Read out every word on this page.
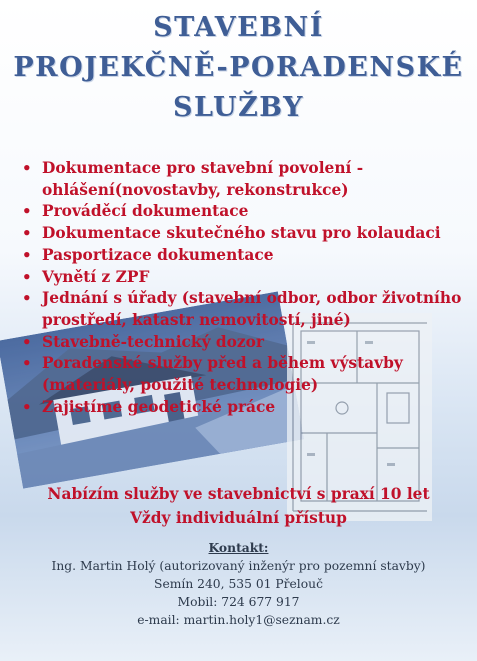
STAVEBNÍ
PROJEKČNĚ-PORADENSKÉ
SLUŽBY
• Dokumentace pro stavební povolení - ohlášení(novostavby, rekonstrukce)
• Prováděcí dokumentace
• Dokumentace skutečného stavu pro kolaudaci
• Pasportizace dokumentace
• Vynětí z ZPF
• Jednání s úřady (stavební odbor, odbor životního prostředí, katastr nemovitostí, jiné)
• Stavebně-technický dozor
• Poradenské služby před a během výstavby (materiály, použité technologie)
• Zajistíme geodetické práce
Nabízím služby ve stavebnictví s praxí 10 let
Vždy individuální přístup
Kontakt:
Ing. Martin Holý (autorizovaný inženýr pro pozemní stavby)
Semín 240, 535 01 Přelouč
Mobil: 724 677 917
e-mail: martin.holy1@seznam.cz
